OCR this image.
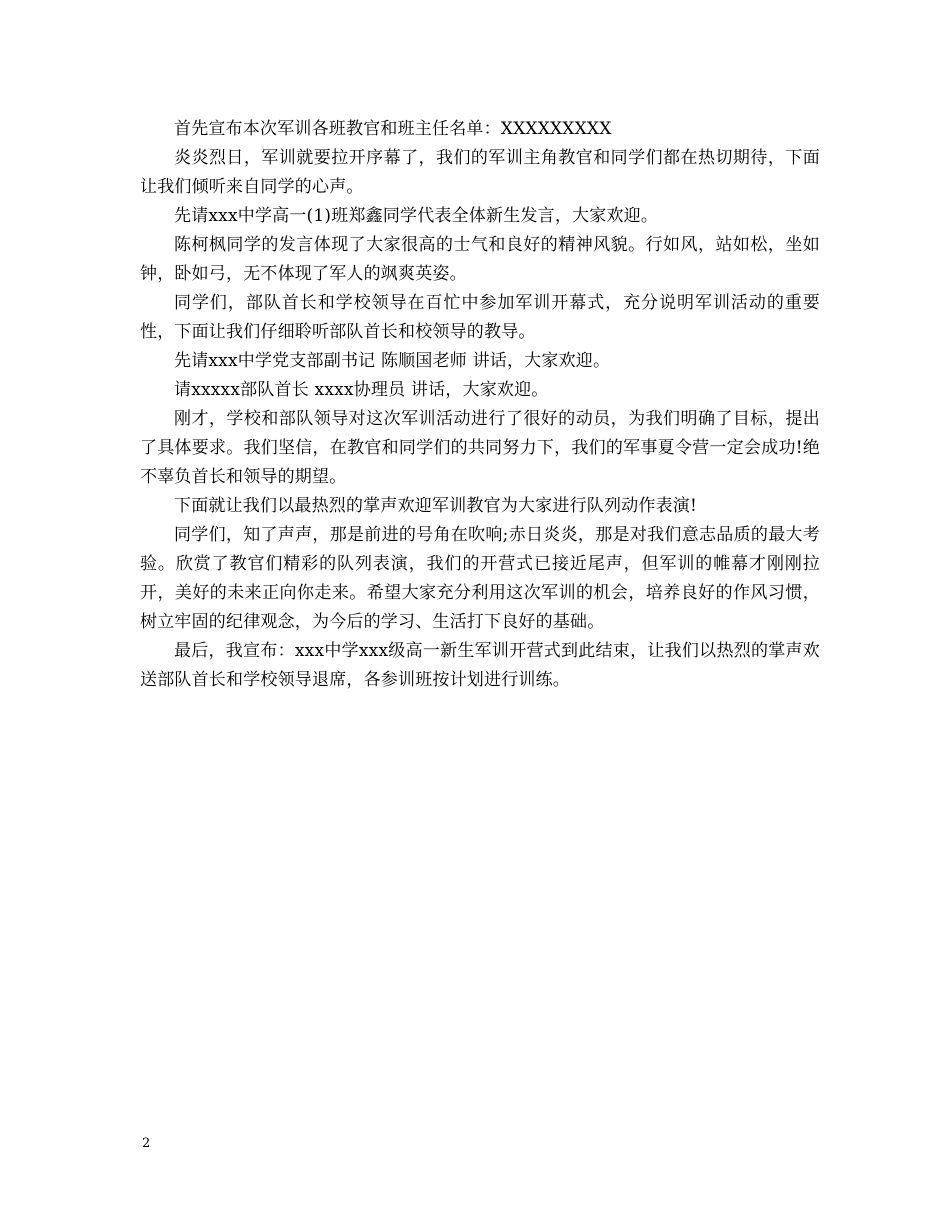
首先宣布本次军训各班教官和班主任名单：XXXXXXXXX

炎炎烈日，军训就要拉开序幕了，我们的军训主角教官和同学们都在热切期待，下面让我们倾听来自同学的心声。

先请xxx中学高一(1)班郑鑫同学代表全体新生发言，大家欢迎。

陈柯枫同学的发言体现了大家很高的士气和良好的精神风貌。行如风，站如松，坐如钟，卧如弓，无不体现了军人的飒爽英姿。

同学们，部队首长和学校领导在百忙中参加军训开幕式，充分说明军训活动的重要性，下面让我们仔细聆听部队首长和校领导的教导。

先请xxx中学党支部副书记 陈顺国老师 讲话，大家欢迎。

请xxxxx部队首长 xxxx协理员 讲话，大家欢迎。

刚才，学校和部队领导对这次军训活动进行了很好的动员，为我们明确了目标，提出了具体要求。我们坚信，在教官和同学们的共同努力下，我们的军事夏令营一定会成功!绝不辜负首长和领导的期望。

下面就让我们以最热烈的掌声欢迎军训教官为大家进行队列动作表演!

同学们，知了声声，那是前进的号角在吹响;赤日炎炎，那是对我们意志品质的最大考验。欣赏了教官们精彩的队列表演，我们的开营式已接近尾声，但军训的帷幕才刚刚拉开，美好的未来正向你走来。希望大家充分利用这次军训的机会，培养良好的作风习惯，树立牢固的纪律观念，为今后的学习、生活打下良好的基础。

最后，我宣布：xxx中学xxx级高一新生军训开营式到此结束，让我们以热烈的掌声欢送部队首长和学校领导退席，各参训班按计划进行训练。

2
